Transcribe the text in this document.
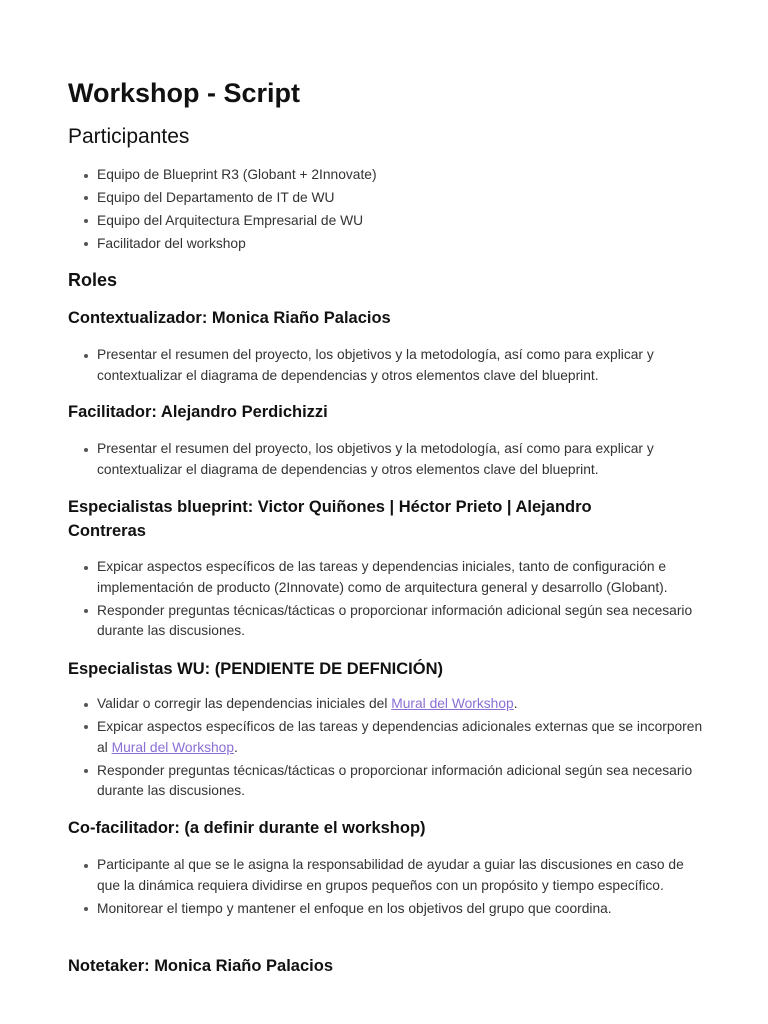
Workshop - Script
Participantes
Equipo de Blueprint R3 (Globant + 2Innovate)
Equipo del Departamento de IT de WU
Equipo del Arquitectura Empresarial de WU
Facilitador del workshop
Roles
Contextualizador: Monica Riaño Palacios
Presentar el resumen del proyecto, los objetivos y la metodología, así como para explicar y contextualizar el diagrama de dependencias y otros elementos clave del blueprint.
Facilitador: Alejandro Perdichizzi
Presentar el resumen del proyecto, los objetivos y la metodología, así como para explicar y contextualizar el diagrama de dependencias y otros elementos clave del blueprint.
Especialistas blueprint: Victor Quiñones | Héctor Prieto | Alejandro Contreras
Expicar aspectos específicos de las tareas y dependencias iniciales, tanto de configuración e implementación de producto (2Innovate) como de arquitectura general y desarrollo (Globant).
Responder preguntas técnicas/tácticas o proporcionar información adicional según sea necesario durante las discusiones.
Especialistas WU: (PENDIENTE DE DEFNICIÓN)
Validar o corregir las dependencias iniciales del Mural del Workshop.
Expicar aspectos específicos de las tareas y dependencias adicionales externas que se incorporen al Mural del Workshop.
Responder preguntas técnicas/tácticas o proporcionar información adicional según sea necesario durante las discusiones.
Co-facilitador: (a definir durante el workshop)
Participante al que se le asigna la responsabilidad de ayudar a guiar las discusiones en caso de que la dinámica requiera dividirse en grupos pequeños con un propósito y tiempo específico.
Monitorear el tiempo y mantener el enfoque en los objetivos del grupo que coordina.
Notetaker: Monica Riaño Palacios
